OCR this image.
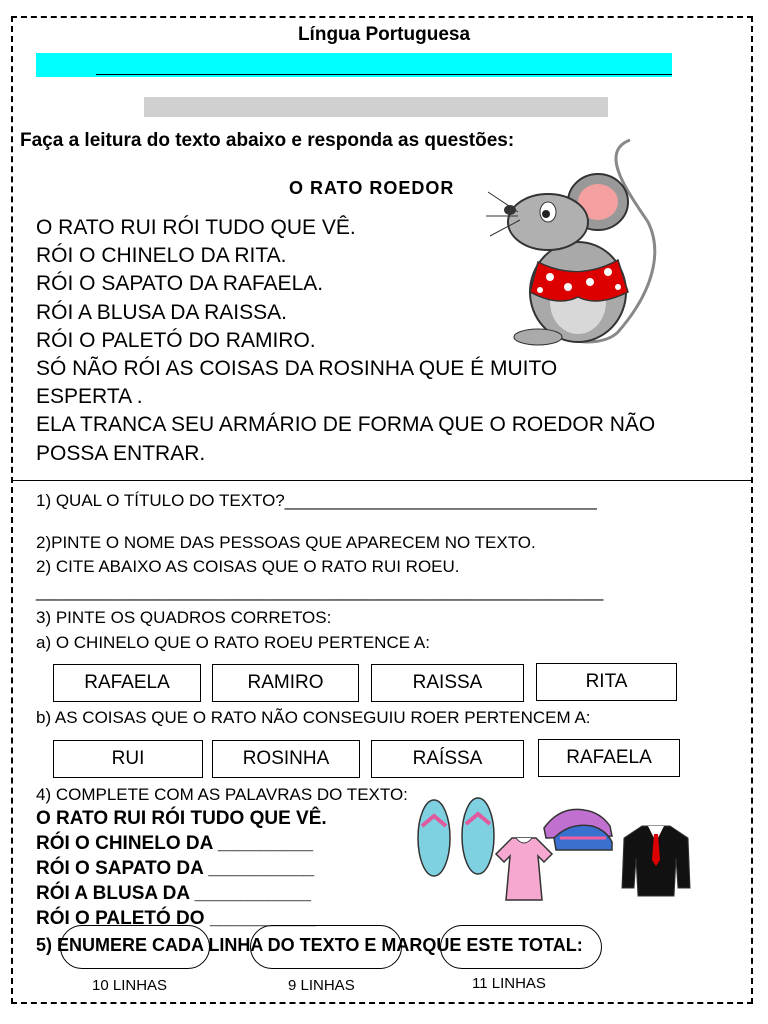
Língua Portuguesa
Faça a leitura do texto abaixo e responda as questões:
O RATO ROEDOR
O RATO RUI RÓI TUDO QUE VÊ.
RÓI O CHINELO DA RITA.
RÓI O SAPATO DA RAFAELA.
RÓI A BLUSA DA RAISSA.
RÓI O PALETÓ DO RAMIRO.
SÓ NÃO RÓI AS COISAS DA ROSINHA QUE É MUITO
ESPERTA .
ELA TRANCA SEU ARMÁRIO DE FORMA QUE O ROEDOR NÃO
POSSA ENTRAR.
1) QUAL O TÍTULO DO TEXTO?_________________________________
2)PINTE O NOME DAS PESSOAS QUE APARECEM NO TEXTO.
2) CITE ABAIXO AS COISAS QUE O RATO RUI ROEU.
____________________________________________________________
3) PINTE OS QUADROS CORRETOS:
a) O CHINELO QUE O RATO ROEU PERTENCE A:
RAFAELA	RAMIRO	RAISSA	RITA
b) AS COISAS QUE O RATO NÃO CONSEGUIU ROER PERTENCEM A:
RUI	ROSINHA	RAÍSSA	RAFAELA
4) COMPLETE COM AS PALAVRAS DO TEXTO:
O RATO RUI RÓI TUDO QUE VÊ.
RÓI O CHINELO DA _________
RÓI O SAPATO DA __________
RÓI A BLUSA DA ___________
RÓI O PALETÓ DO __________
5) ENUMERE CADA LINHA DO TEXTO E MARQUE ESTE TOTAL:
10 LINHAS	9 LINHAS	11 LINHAS
